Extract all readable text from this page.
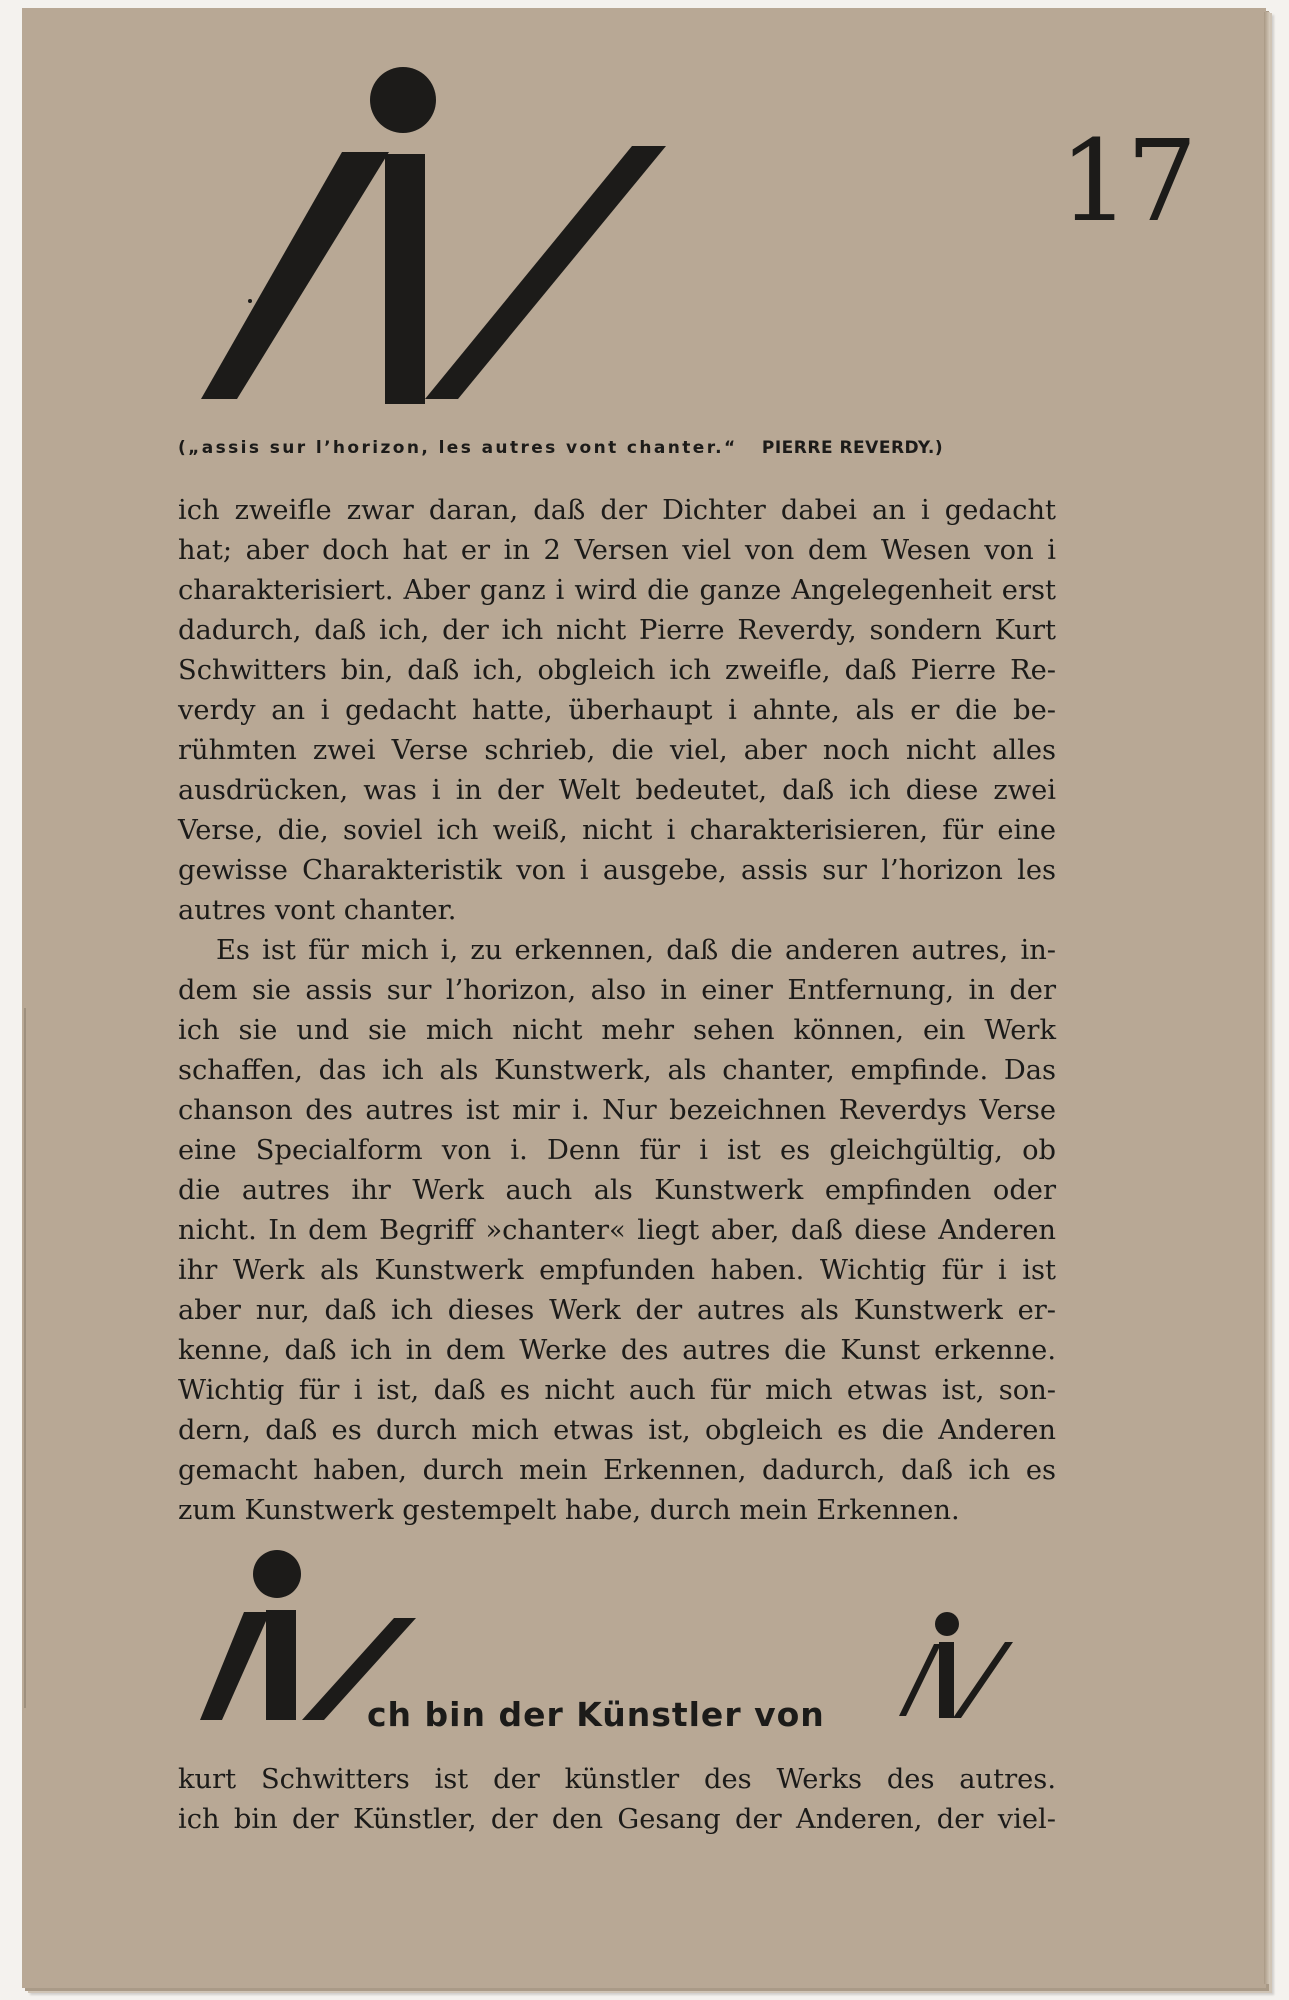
17
(„assis sur l’horizon, les autres vont chanter.“ PIERRE REVERDY.)
ich zweifle zwar daran, daß der Dichter dabei an i gedacht
hat; aber doch hat er in 2 Versen viel von dem Wesen von i
charakterisiert. Aber ganz i wird die ganze Angelegenheit erst
dadurch, daß ich, der ich nicht Pierre Reverdy, sondern Kurt
Schwitters bin, daß ich, obgleich ich zweifle, daß Pierre Re-
verdy an i gedacht hatte, überhaupt i ahnte, als er die be-
rühmten zwei Verse schrieb, die viel, aber noch nicht alles
ausdrücken, was i in der Welt bedeutet, daß ich diese zwei
Verse, die, soviel ich weiß, nicht i charakterisieren, für eine
gewisse Charakteristik von i ausgebe, assis sur l’horizon les
autres vont chanter.
Es ist für mich i, zu erkennen, daß die anderen autres, in-
dem sie assis sur l’horizon, also in einer Entfernung, in der
ich sie und sie mich nicht mehr sehen können, ein Werk
schaffen, das ich als Kunstwerk, als chanter, empfinde. Das
chanson des autres ist mir i. Nur bezeichnen Reverdys Verse
eine Specialform von i. Denn für i ist es gleichgültig, ob
die autres ihr Werk auch als Kunstwerk empfinden oder
nicht. In dem Begriff »chanter« liegt aber, daß diese Anderen
ihr Werk als Kunstwerk empfunden haben. Wichtig für i ist
aber nur, daß ich dieses Werk der autres als Kunstwerk er-
kenne, daß ich in dem Werke des autres die Kunst erkenne.
Wichtig für i ist, daß es nicht auch für mich etwas ist, son-
dern, daß es durch mich etwas ist, obgleich es die Anderen
gemacht haben, durch mein Erkennen, dadurch, daß ich es
zum Kunstwerk gestempelt habe, durch mein Erkennen.
ch bin der Künstler von
kurt Schwitters ist der künstler des Werks des autres.
ich bin der Künstler, der den Gesang der Anderen, der viel-
